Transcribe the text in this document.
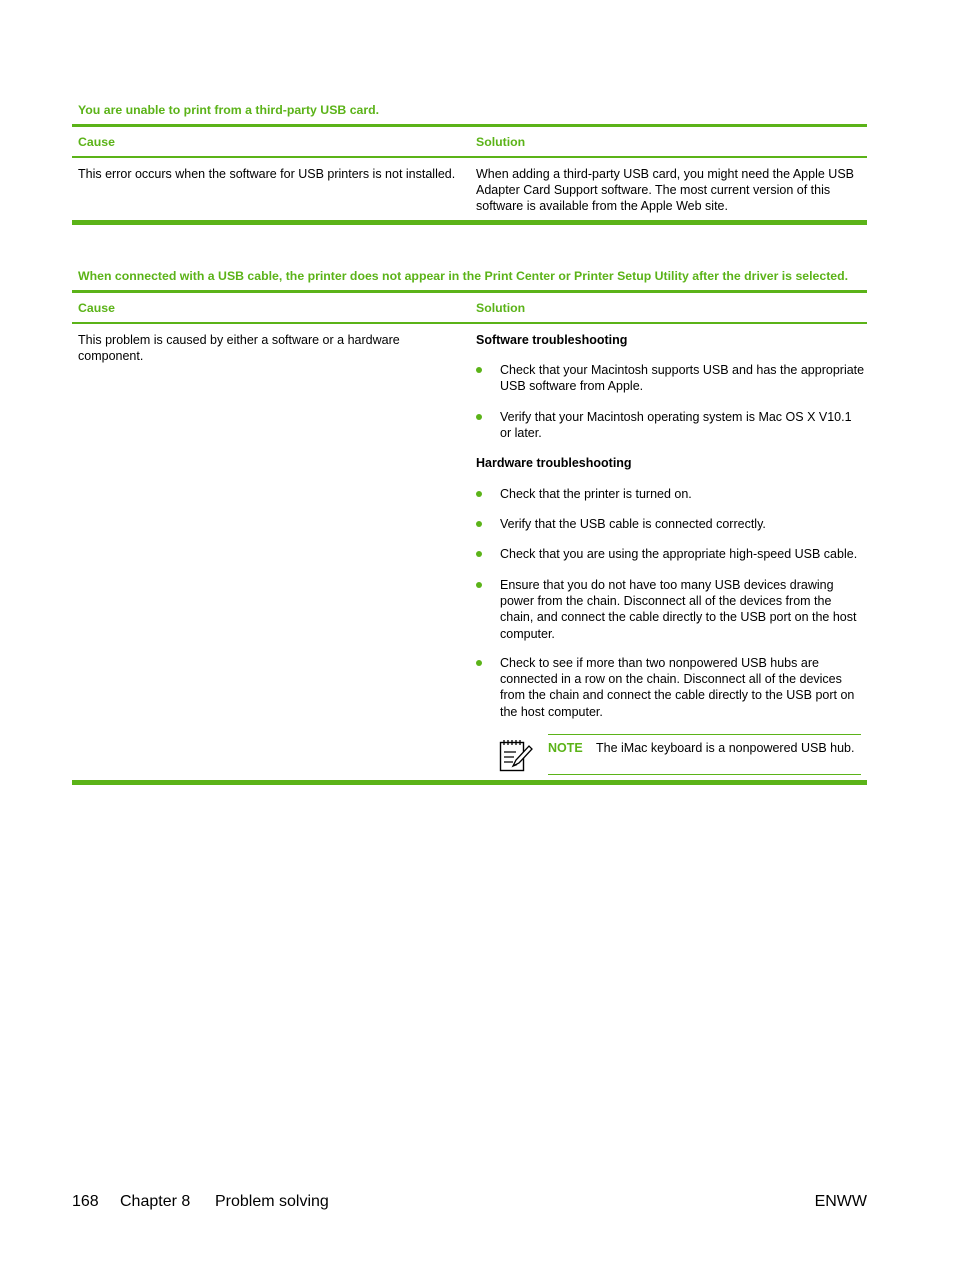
You are unable to print from a third-party USB card.
Cause	Solution
This error occurs when the software for USB printers is not installed.	When adding a third-party USB card, you might need the Apple USB Adapter Card Support software. The most current version of this software is available from the Apple Web site.
When connected with a USB cable, the printer does not appear in the Print Center or Printer Setup Utility after the driver is selected.
Cause	Solution
This problem is caused by either a software or a hardware component.
Software troubleshooting
Check that your Macintosh supports USB and has the appropriate USB software from Apple.
Verify that your Macintosh operating system is Mac OS X V10.1 or later.
Hardware troubleshooting
Check that the printer is turned on.
Verify that the USB cable is connected correctly.
Check that you are using the appropriate high-speed USB cable.
Ensure that you do not have too many USB devices drawing power from the chain. Disconnect all of the devices from the chain, and connect the cable directly to the USB port on the host computer.
Check to see if more than two nonpowered USB hubs are connected in a row on the chain. Disconnect all of the devices from the chain and connect the cable directly to the USB port on the host computer.
NOTE The iMac keyboard is a nonpowered USB hub.
168 Chapter 8 Problem solving	ENWW
